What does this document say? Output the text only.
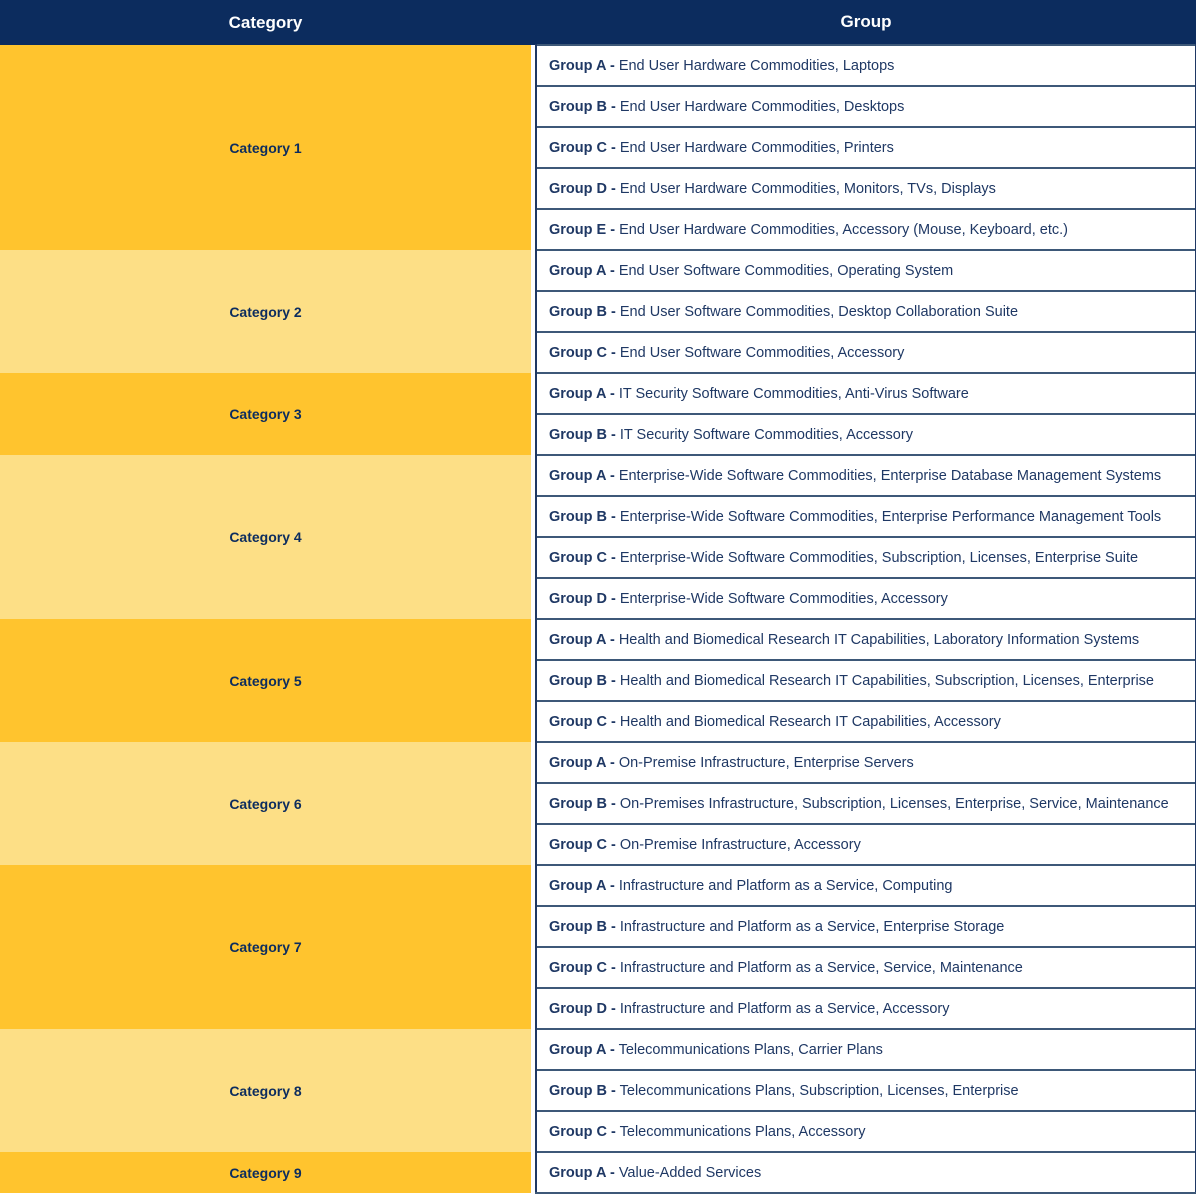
Category		Group
Category 1		Group A - End User Hardware Commodities, Laptops
		Group B - End User Hardware Commodities, Desktops
		Group C - End User Hardware Commodities, Printers
		Group D - End User Hardware Commodities, Monitors, TVs, Displays
		Group E - End User Hardware Commodities, Accessory (Mouse, Keyboard, etc.)
Category 2		Group A - End User Software Commodities, Operating System
		Group B - End User Software Commodities, Desktop Collaboration Suite
		Group C - End User Software Commodities, Accessory
Category 3		Group A - IT Security Software Commodities, Anti-Virus Software
		Group B - IT Security Software Commodities, Accessory
Category 4		Group A - Enterprise-Wide Software Commodities, Enterprise Database Management Systems
		Group B - Enterprise-Wide Software Commodities, Enterprise Performance Management Tools
		Group C - Enterprise-Wide Software Commodities, Subscription, Licenses, Enterprise Suite
		Group D - Enterprise-Wide Software Commodities, Accessory
Category 5		Group A - Health and Biomedical Research IT Capabilities, Laboratory Information Systems
		Group B - Health and Biomedical Research IT Capabilities, Subscription, Licenses, Enterprise
		Group C - Health and Biomedical Research IT Capabilities, Accessory
Category 6		Group A - On-Premise Infrastructure, Enterprise Servers
		Group B - On-Premises Infrastructure, Subscription, Licenses, Enterprise, Service, Maintenance
		Group C - On-Premise Infrastructure, Accessory
Category 7		Group A - Infrastructure and Platform as a Service, Computing
		Group B - Infrastructure and Platform as a Service, Enterprise Storage
		Group C - Infrastructure and Platform as a Service, Service, Maintenance
		Group D - Infrastructure and Platform as a Service, Accessory
Category 8		Group A - Telecommunications Plans, Carrier Plans
		Group B - Telecommunications Plans, Subscription, Licenses, Enterprise
		Group C - Telecommunications Plans, Accessory
Category 9		Group A - Value-Added Services
